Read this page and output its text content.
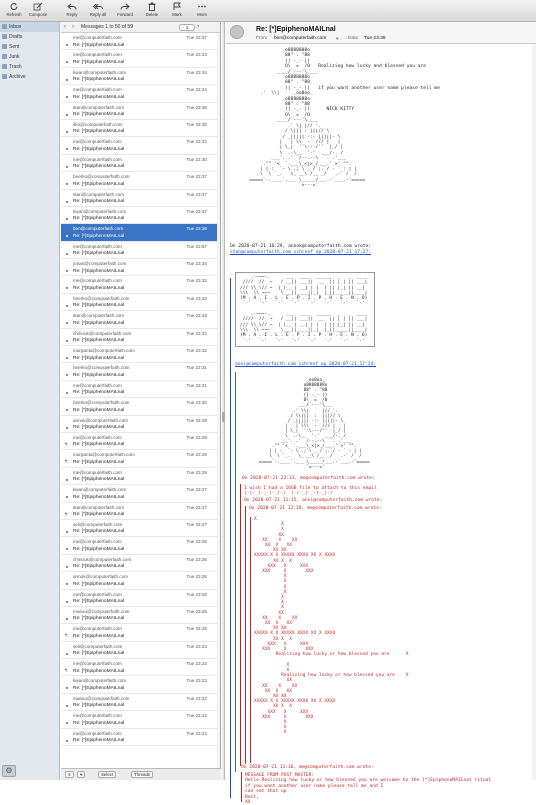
Refresh	Compose	Reply	Reply all	Forward	Delete	Mark	More
Inbox
Drafts
Sent
Junk
Trash
Archive
⚙
‹ › Messages 1 to 50 of 59	1	›
me@computerfaith.com	Tue 23:37
Re: [*]EpiphenoMAILnal
me@computerfaith.com	Tue 23:34
Re: [*]EpiphenoMAILnal
kwan@computerfaith.com	Tue 23:34
Re: [*]EpiphenoMAILnal
me@computerfaith.com	Tue 23:34
Re: [*]EpiphenoMAILnal
stan@computerfaith.com	Tue 23:36
Re: [*]EpiphenoMAILnal
itkn@computerfaith.com	Tue 23:30
Re: [*]EpiphenoMAILnal
me@computerfaith.com	Tue 23:33
Re: [*]EpiphenoMAILnal
me@computerfaith.com	Tue 23:30
Re: [*]EpiphenoMAILnal
heerko@computerfaith.com	Tue 23:37
Re: [*]EpiphenoMAILnal
stan@computerfaith.com	Tue 23:37
Re: [*]EpiphenoMAILnal
kwan@computerfaith.com	Tue 23:37
Re: [*]EpiphenoMAILnal
ben@computerfaith.com	Tue 23:36
Re: [*]EpiphenoMAILnal
me@computerfaith.com	Tue 23:57
Re: [*]EpiphenoMAILnal
jonas@computerfaith.com	Tue 23:34
Re: [*]EpiphenoMAILnal
me@computerfaith.com	Tue 23:32
Re: [*]EpiphenoMAILnal
heerko@computerfaith.com	Tue 23:33
Re: [*]EpiphenoMAILnal
stan@computerfaith.com	Tue 23:33
Re: [*]EpiphenoMAILnal
chinouk@computerfaith.com	Tue 23:33
Re: [*]EpiphenoMAILnal
margarita@computerfaith.com	Tue 23:32
Re: [*]EpiphenoMAILnal
heerko@computerfaith.com	Tue 23:31
Re: [*]EpiphenoMAILnal
me@computerfaith.com	Tue 23:31
Re: [*]EpiphenoMAILnal
heerko@computerfaith.com	Tue 23:30
Re: [*]EpiphenoMAILnal
annok@computerfaith.com	Tue 23:29
Re: [*]EpiphenoMAILnal
me@computerfaith.com	Tue 23:29
↰ Re: [*]EpiphenoMAILnal
margarita@computerfaith.com	Tue 23:29
↰ Re: [*]EpiphenoMAILnal
me@computerfaith.com	Tue 23:28
Re: [*]EpiphenoMAILnal
kwan@computerfaith.com	Tue 23:27
Re: [*]EpiphenoMAILnal
stan@computerfaith.com	Tue 23:27
↰ Re: [*]EpiphenoMAILnal
seli@computerfaith.com	Tue 23:27
Re: [*]EpiphenoMAILnal
me@computerfaith.com	Tue 23:26
Re: [*]EpiphenoMAILnal
chinouk@computerfaith.com	Tue 23:26
Re: [*]EpiphenoMAILnal
annok@computerfaith.com	Tue 23:26
Re: [*]EpiphenoMAILnal
me@computerfaith.com	Tue 23:26
Re: [*]EpiphenoMAILnal
maeuu@computerfaith.com	Tue 23:25
Re: [*]EpiphenoMAILnal
me@computerfaith.com	Tue 23:25
↰ Re: [*]EpiphenoMAILnal
seli@computerfaith.com	Tue 23:23
Re: [*]EpiphenoMAILnal
me@computerfaith.com	Tue 23:23
↰ Re: [*]EpiphenoMAILnal
kwan@computerfaith.com	Tue 23:23
Re: [*]EpiphenoMAILnal
maeuu@computerfaith.com	Tue 23:22
Re: [*]EpiphenoMAILnal
me@computerfaith.com	Tue 23:22
Re: [*]EpiphenoMAILnal
me@computerfaith.com	Tue 23:22
Re: [*]EpiphenoMAILnal
≡	▾	Select	Threads
Re: [*]EpiphenoMAILnal
From ben@computerfaith.com ▾ Date Tue 23:36
o8888888o
88" . "88
(| -_- |)
O\  =  /O   Realizing how lucky and blessed you are
____/`---'\____
o8888888o
88" . "88
(| -_- |)   if you want another user name please tell me
.'  \\|     _oo0oo_
o8888888o
88" . "88
(| -_- |)      NICK KITTY
O\  =  /O
____/`---'\____
.' \| |// '.
/ \||| : |||// \
/ _||||| -:- |||||- \
|   | \\  -  /// |   |
| \_|  ''\---/''  |_/ |
\  .-\__  '-'  ___/-. /
___'. .'  /--.--\  `. .'___
."" '<  `.___\_<|>_/___.' >' "".
| | :  `- \`.;`\ _ /`;.`/ - ` : | |
\  \ `_.   \_ __\ /__ _/   .-` /  /
=====`-.____`.___ \_____/___.-`___.-'=====
`=---='
On 2020-07-21 16:29, annok@computerfaith.com wrote:
stan@computerfaith.com schreef op 2020-07-21 17:27:
.-~~~-.      ___  ____  ______  _   _  ____
////  //  ~   / __|| ___||  __  || | | || ___|
/// \\_\// ~  | (__ | __| | |  | || |_| || __|
\\\  \\ ~~~    \___||____||_|  |_||_____||____|
(M . A . I . L . E . P . I . P . H . E . N . O)
`-'   `-'   `-'   `-'   `-'   `-'   `-'   `-'

.-~~~-.      ___  ____  ______  _   _  ____
////  //  ~   / __|| ___||  __  || | | || ___|
/// \\_\// ~  | (__ | __| | |  | || |_| || __|
\\\  \\ ~~~    \___||____||_|  |_||_____||____|
(M . A . I . L . E . P . I . P . H . E . N . O)
`-'   `-'   `-'   `-'   `-'   `-'   `-'   `-'
anni@computerfaith.com schreef op 2020-07-21 17:24:
_oo0oo_
o8888888o
88" . "88
(| -_- |)
0\  =  /0
___/`---'\___
.' \\|     |// '.
/ \\|||  :  |||// \
/ _||||| -:- |||||- \
|   | \\\  -  /// |   |
| \_|  ''\---/''  |_/ |
\  .-\__  '-'  ___/-. /
___'. .'  /--.--\  `. .'___
."" '<  `.___\_<|>_/___.' >' "".
| | :  `- \`.;`\ _ /`;.`/ - ` : | |
\  \ `_.   \_ __\ /__ _/   .-` /  /
=====`-.____`.___ \_____/___.-`___.-'=====
`=---='
On 2020-07-21 23:31, me@computerfaith.com wrote:
I wish I had a 16GB file to attach to this email
(-(-_(-_-)-_)-)  (-(-_(-_-)-_)-)
On 2020-07-21 11:15, anni@computerfaith.com wrote:
On 2020-07-21 12:18, me@computerfaith.com wrote:
X
X
X
XX
XX    X    XX
XX  X   XX
XX XX
XXXXX X X XXXXX XXXX XX X XXXX
XX X  X
XXX   X     XXX
XXX     X       XXX
X
X
X
X
X
X
X
XX
XX    X    XX
XX  X   XX
XX XX
XXXXX X X XXXXX XXXX XX X XXXX
XX X  X
XXX   X     XXX
XXX     X       XXX
Realizing how lucky or how blessed you are      X

X
X
Realizing how lucky or how blessed you are    X
XX
XX    X    XX
XX  X   XX
XX XX
XXXXX X X XXXXX XXXX XX X XXXX
XX X  X
XXX   X     XXX
XXX     X       XXX
X
X
X
On 2020-07-21 11:16, me@computerfaith.com wrote:
MESSAGE FROM POST MASTER:
Hello Realizing how lucky or how blessed you are welcome to the [*]EpiphenoMAILnal ritual
if you want another user name please tell me and I
can set that up
Best,
XX
